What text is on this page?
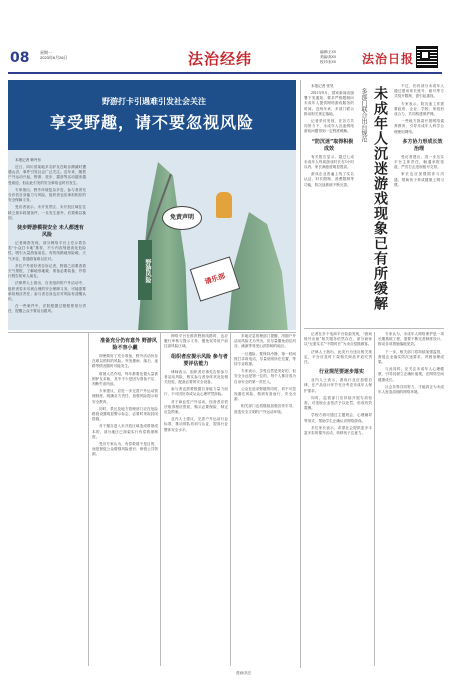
08	星期一
2023年6月26日	法治经纬	编辑/王XX
美编/高XX
校对/宋XX	法治日报
野游打卡引遇难引发社会关注
享受野趣，请不要忽视风险
野游风险
免责声明
请乐部
多部门联合出台规范 未成年人沉迷游戏现象已有所缓解

本报记者 韩丹东

近日，四川省某地多名驴友在峡谷溯溪时遭遇山洪，事件引发社会广泛关注。近年来，随着户外运动兴起，野游、徒步、露营等活动越来越受欢迎，但由此引发的安全事故也时有发生。

专家指出，野外环境复杂多变，参与者须充分评估自身能力与风险，组织者也应承担相应的安全保障义务。

受访者表示，未开发景区、未开放区域往往缺乏基本救援条件，一旦发生意外，后果难以挽回。

徒步野游模视安全 未人都透有风险

记者调查发现，部分网络平台上充斥着各类“小众打卡地”推荐，不少内容刻意淡化危险性，吸引大量游客前往。有的线路地形险峻、天气多变，普通游客难以应对。

多位户外爱好者告诉记者，野游之前要查看天气预报、了解地形地貌、准备必要装备，并将行程告知家人朋友。

法律界人士指出，自发组织的户外活动中，组织者若未尽到合理的安全保障义务，可能需要承担相应责任；参与者自身也应对风险有清醒认识。

在一些案件中，法院根据过错程度划分责任，提醒公众不要盲目跟风。

准备充分仍有意外 野游风险不容小觑

即使做好了充分准备，野外活动仍存在难以预料的风险。突发暴雨、落石、迷路等情况随时可能发生。

救援人员介绍，每年都要处置大量被困驴友求助，其中不少是因为准备不足、判断失误所致。

专家建议，应进一步完善户外运动管理制度，明确各方责任，加强风险提示和安全教育。

同时，景区及地方管理部门应在危险路段设置明显警示标志，必要时采取封闭措施。

对于擅自进入未开放区域造成救援成本的，部分地区已探索实行有偿救援制度。

受访专家认为，有偿救援不是目的，而是督促公众增强风险意识、珍惜公共资源。

网络平台在推荐野游线路时，也应履行审核与提示义务，避免误导用户前往高风险区域。

组织者应提示风险 参与者要评估能力

律师表示，组织者应事先告知参与者活动风险，核实参与者身体状况及相关经验，配备必要的安全设备。

参与者也需要根据自身能力量力而行，不可因好奇或从众心理贸然涉险。

对于商业性户外活动，经营者应依法取得相应资质，购买必要保险，制定应急预案。

业内人士建议，完善户外运动行业标准，推动领队培训与认证，提高行业整体安全水平。

多地应急管理部门提醒，汛期户外活动风险尤为突出，应尽量避免前往河谷、溪流等易受山洪影响的地区。

一旦遇险，要保持冷静，第一时间拨打求救电话，尽量说明所在位置，等待专业救援。

专家表示，享受自然是美好的，但安全永远是第一位的，每个人都应成为自身安全的第一责任人。

公众在追求野趣的同时，切不可忽视潜在风险，做到有备而行、安全出游。

相关部门也将继续加强宣传引导，营造安全文明的户外运动环境。

本报记者 张昊

2021年8月，国家新闻出版署下发通知，要求严格限制向未成年人提供网络游戏服务的时间。近两年来，多部门联合推动相关规定落地。

记者采访发现，在各方共同努力下，未成年人沉迷网络游戏问题得到一定程度缓解。

“防沉迷”取得积极成效

有关报告显示，超过七成未成年人每周游戏时长在3小时以内，家长满意度明显提高。

游戏企业普遍上线了实名认证、时长限制、消费限制等功能，防沉迷系统不断完善。

不过，仍有部分未成年人通过借用家长账号、租号等方式绕开限制，需引起重视。

专家表示，防沉迷工作需要政府、企业、学校、家庭形成合力，共同构建保护网。

一些地方探索开展网络素养教育，引导未成年人科学合理使用网络。

多方协力形成长效治理

受访者建议，进一步压实平台主体责任，畅通举报渠道，严厉打击违规租号交易。

家长也应加强陪伴与沟通，帮助孩子养成健康上网习惯。

记者在多个电商平台检索发现，“游戏账号出租”相关服务依然存在，部分商家以“无需实名”“不限时长”为卖点招揽顾客。

法律人士指出，此类行为违反相关规定，平台应及时下架相关商品并追究责任。

行业规范要逐步落实

业内人士表示，游戏行业应加强自律，在产品设计环节充分考虑未成年人保护需求。

同时，监管部门应持续开展专项检查，对违规企业依法予以处罚，形成有效震慑。

学校方面可通过主题班会、心理辅导等形式，帮助学生正确认识网络游戏。

多位家长表示，希望社会提供更多丰富多彩的课外活动，转移孩子注意力。

专家认为，未成年人网络保护是一项长期系统工程，需要不断完善制度设计，推动各项措施落地见效。

下一步，相关部门将持续加强监管，督促企业落实防沉迷要求，巩固治理成果。

与此同时，应关注未成年人心理健康，引导其树立正确价值观，在网络空间健康成长。

社会各界共同努力，才能真正为未成年人营造清朗的网络环境。

漫画/高岳
